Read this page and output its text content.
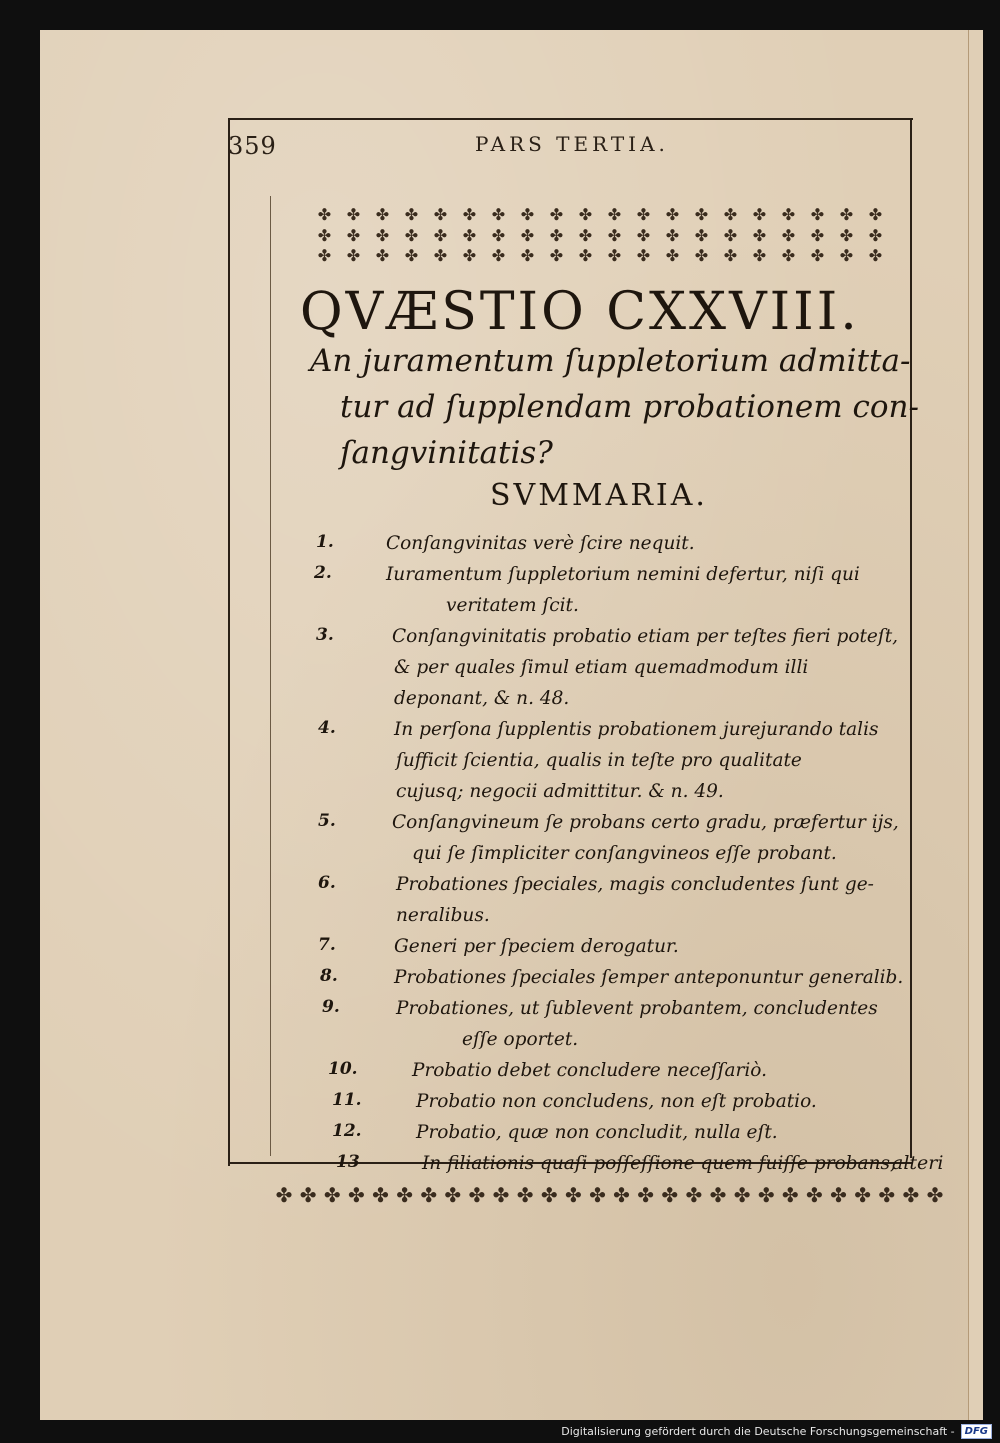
359	PARS TERTIA.
✤ ✤ ✤ ✤ ✤ ✤ ✤ ✤ ✤ ✤ ✤ ✤ ✤ ✤ ✤ ✤ ✤ ✤ ✤ ✤
✤ ✤ ✤ ✤ ✤ ✤ ✤ ✤ ✤ ✤ ✤ ✤ ✤ ✤ ✤ ✤ ✤ ✤ ✤ ✤
✤ ✤ ✤ ✤ ✤ ✤ ✤ ✤ ✤ ✤ ✤ ✤ ✤ ✤ ✤ ✤ ✤ ✤ ✤ ✤
QVÆSTIO CXXVIII.
An juramentum ſuppletorium admitta-
tur ad ſupplendam probationem con-
ſangvinitatis?
SVMMARIA.
1.	Conſangvinitas verè ſcire nequit.
2.	Iuramentum ſuppletorium nemini defertur, niſi qui
veritatem ſcit.
3.	Conſangvinitatis probatio etiam per teſtes fieri poteſt,
& per quales ſimul etiam quemadmodum illi
deponant, & n. 48.
4.	In perſona ſupplentis probationem jurejurando talis
ſufficit ſcientia, qualis in teſte pro qualitate
cujusq; negocii admittitur. & n. 49.
5.	Conſangvineum ſe probans certo gradu, præfertur ijs,
qui ſe ſimpliciter conſangvineos eſſe probant.
6.	Probationes ſpeciales, magis concludentes ſunt ge-
neralibus.
7.	Generi per ſpeciem derogatur.
8.	Probationes ſpeciales ſemper anteponuntur generalib.
9.	Probationes, ut ſublevent probantem, concludentes
eſſe oportet.
10.	Probatio debet concludere neceſſariò.
11.	Probatio non concludens, non eſt probatio.
12.	Probatio, quæ non concludit, nulla eſt.
13	In filiationis quaſi poſſeſſione quem fuiſſe probans,
alteri
✤ ✤ ✤ ✤ ✤ ✤ ✤ ✤ ✤ ✤ ✤ ✤ ✤ ✤ ✤ ✤ ✤ ✤ ✤ ✤ ✤ ✤ ✤ ✤ ✤ ✤ ✤ ✤
Digitalisierung gefördert durch die Deutsche Forschungsgemeinschaft -	DFG
